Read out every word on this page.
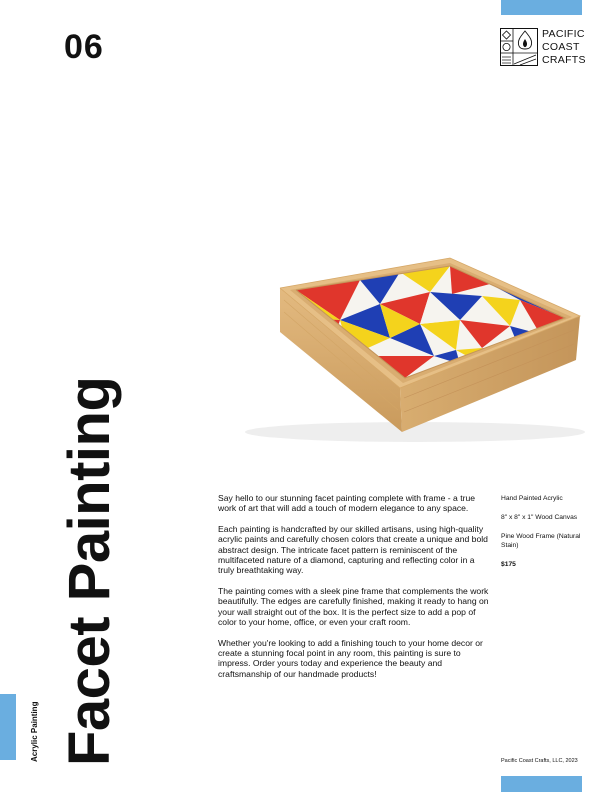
06	PACIFIC
COAST
CRAFTS
Facet Painting
Acrylic Painting

Say hello to our stunning facet painting complete with frame - a true work of art that will add a touch of modern elegance to any space.

Each painting is handcrafted by our skilled artisans, using high-quality acrylic paints and carefully chosen colors that create a unique and bold abstract design. The intricate facet pattern is reminiscent of the multifaceted nature of a diamond, capturing and reflecting color in a truly breathtaking way.

The painting comes with a sleek pine frame that complements the work beautifully. The edges are carefully finished, making it ready to hang on your wall straight out of the box. It is the perfect size to add a pop of color to your home, office, or even your craft room.

Whether you're looking to add a finishing touch to your home decor or create a stunning focal point in any room, this painting is sure to impress. Order yours today and experience the beauty and craftsmanship of our handmade products!

Hand Painted Acrylic
8" x 8" x 1" Wood Canvas
Pine Wood Frame (Natural Stain)
$175
Pacific Coast Crafts, LLC, 2023
